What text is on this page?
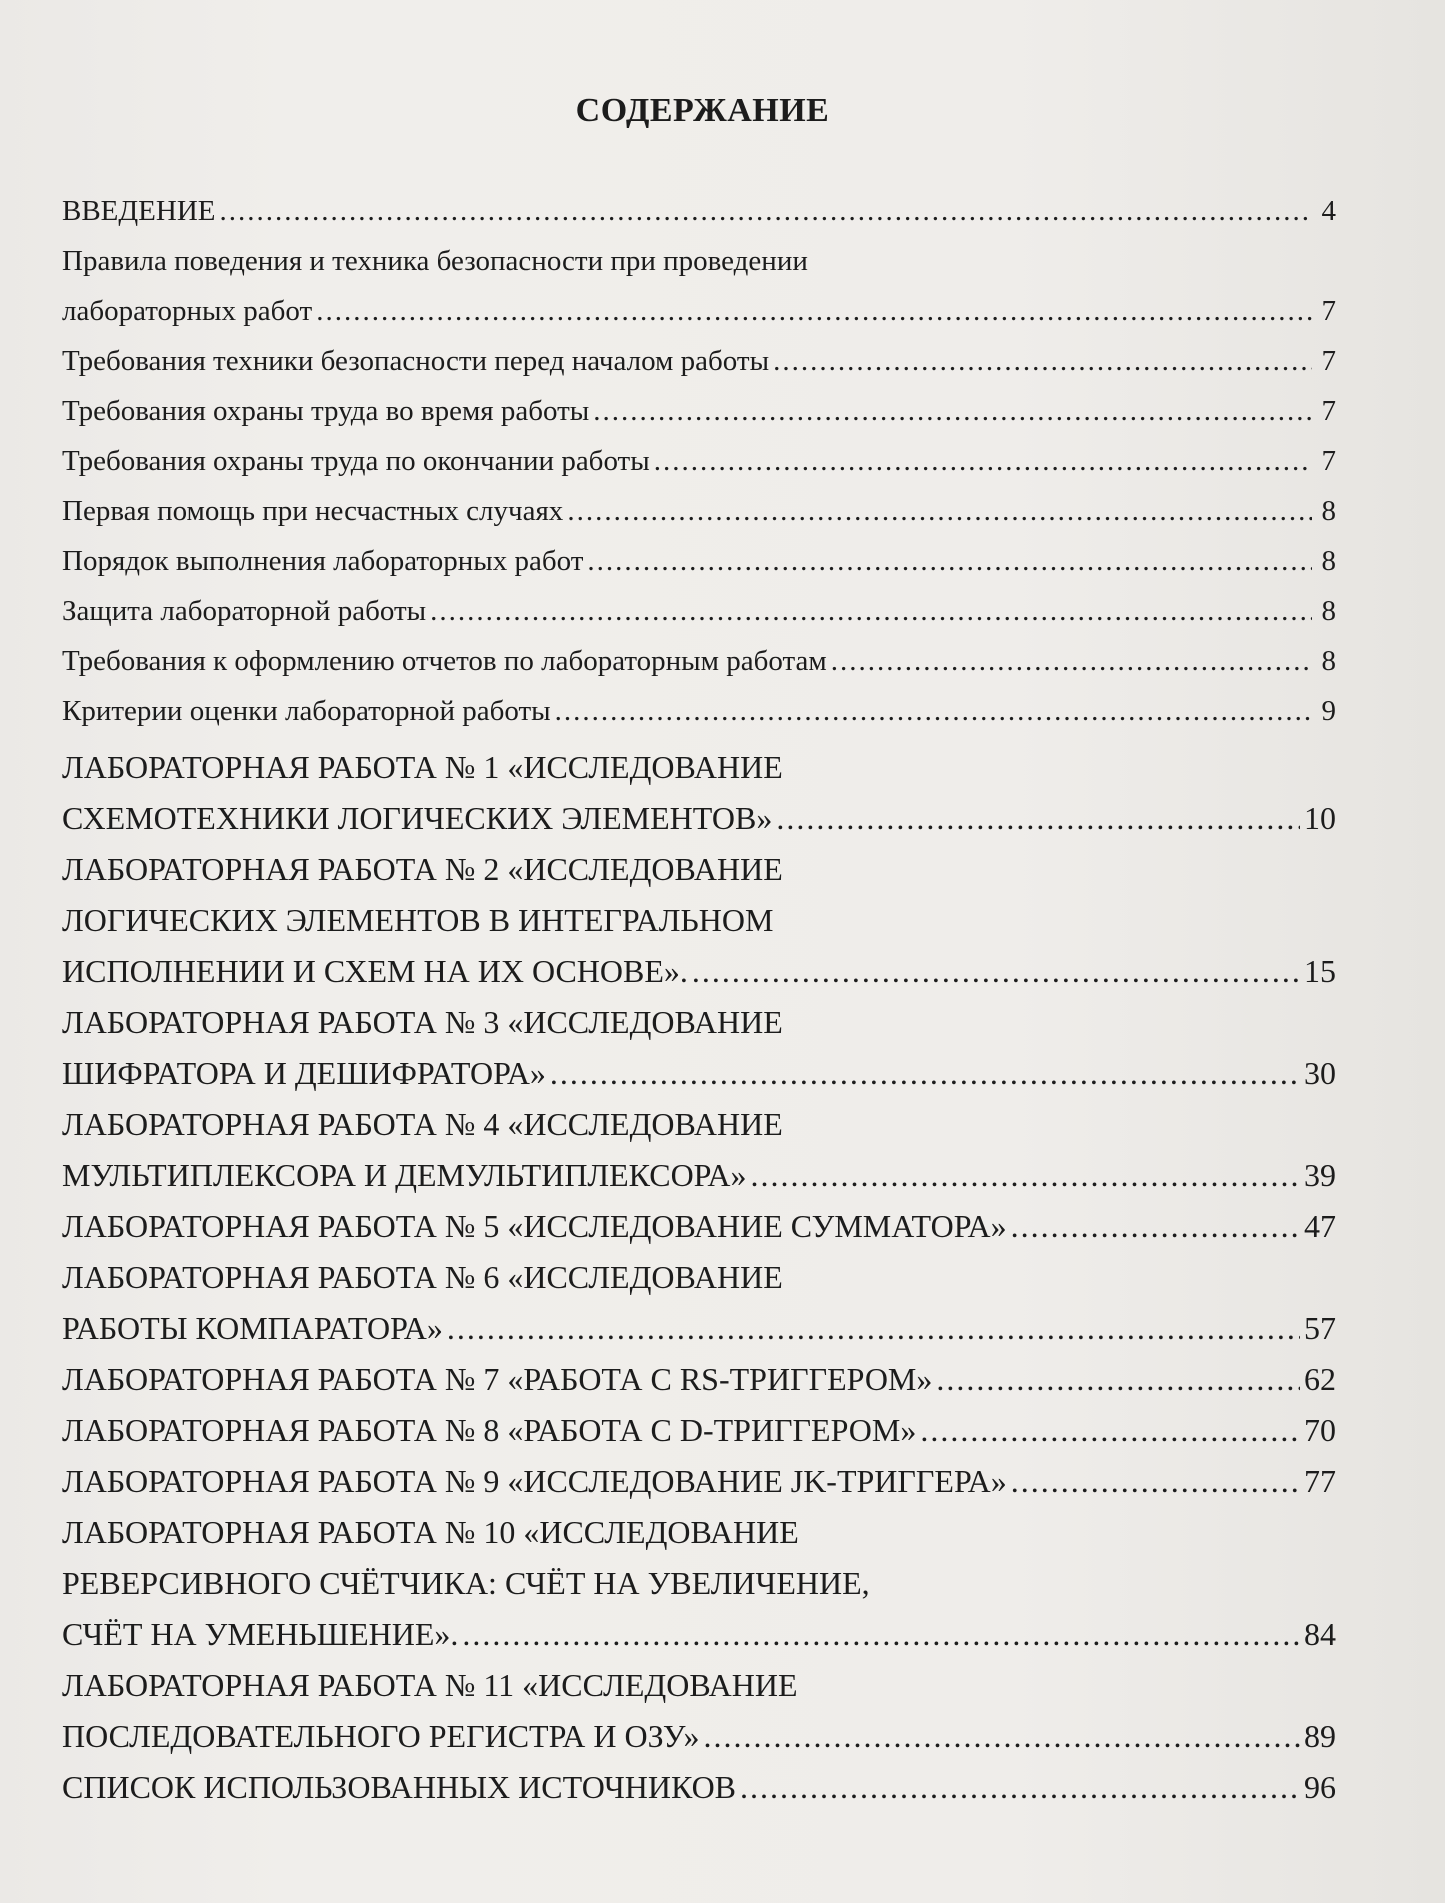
СОДЕРЖАНИЕ
ВВЕДЕНИЕ .....	4
Правила поведения и техника безопасности при проведении
лабораторных работ .....	7
Требования техники безопасности перед началом работы .....	7
Требования охраны труда во время работы .....	7
Требования охраны труда по окончании работы .....	7
Первая помощь при несчастных случаях .....	8
Порядок выполнения лабораторных работ .....	8
Защита лабораторной работы .....	8
Требования к оформлению отчетов по лабораторным работам .....	8
Критерии оценки лабораторной работы .....	9
ЛАБОРАТОРНАЯ РАБОТА № 1 «ИССЛЕДОВАНИЕ
СХЕМОТЕХНИКИ ЛОГИЧЕСКИХ ЭЛЕМЕНТОВ» .....	10
ЛАБОРАТОРНАЯ РАБОТА № 2 «ИССЛЕДОВАНИЕ
ЛОГИЧЕСКИХ ЭЛЕМЕНТОВ В ИНТЕГРАЛЬНОМ
ИСПОЛНЕНИИ И СХЕМ НА ИХ ОСНОВЕ». .....	15
ЛАБОРАТОРНАЯ РАБОТА № 3 «ИССЛЕДОВАНИЕ
ШИФРАТОРА И ДЕШИФРАТОРА» .....	30
ЛАБОРАТОРНАЯ РАБОТА № 4 «ИССЛЕДОВАНИЕ
МУЛЬТИПЛЕКСОРА И ДЕМУЛЬТИПЛЕКСОРА» .....	39
ЛАБОРАТОРНАЯ РАБОТА № 5 «ИССЛЕДОВАНИЕ СУММАТОРА» .....	47
ЛАБОРАТОРНАЯ РАБОТА № 6 «ИССЛЕДОВАНИЕ
РАБОТЫ КОМПАРАТОРА» .....	57
ЛАБОРАТОРНАЯ РАБОТА № 7 «РАБОТА С RS-ТРИГГЕРОМ» .....	62
ЛАБОРАТОРНАЯ РАБОТА № 8 «РАБОТА С D-ТРИГГЕРОМ» .....	70
ЛАБОРАТОРНАЯ РАБОТА № 9 «ИССЛЕДОВАНИЕ JK-ТРИГГЕРА» .....	77
ЛАБОРАТОРНАЯ РАБОТА № 10 «ИССЛЕДОВАНИЕ
РЕВЕРСИВНОГО СЧЁТЧИКА: СЧЁТ НА УВЕЛИЧЕНИЕ,
СЧЁТ НА УМЕНЬШЕНИЕ». .....	84
ЛАБОРАТОРНАЯ РАБОТА № 11 «ИССЛЕДОВАНИЕ
ПОСЛЕДОВАТЕЛЬНОГО РЕГИСТРА И ОЗУ» .....	89
СПИСОК ИСПОЛЬЗОВАННЫХ ИСТОЧНИКОВ .....	96
